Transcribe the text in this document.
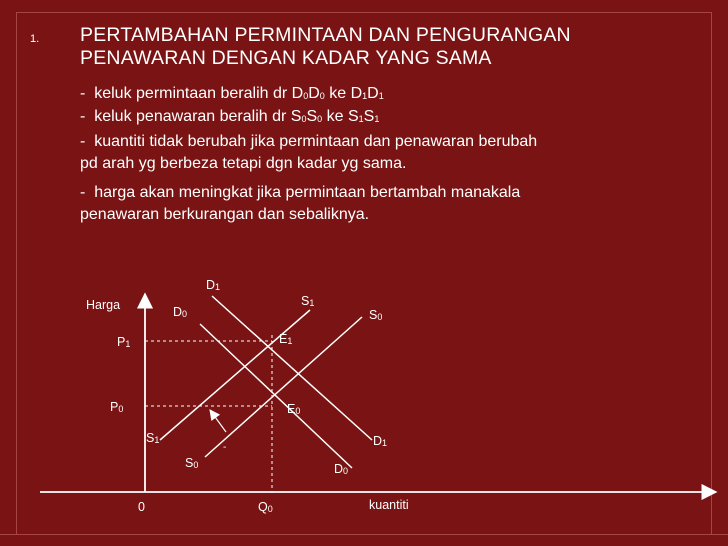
1. PERTAMBAHAN PERMINTAAN DAN PENGURANGAN
PENAWARAN DENGAN KADAR YANG SAMA
- keluk permintaan beralih dr $D_0D_0$ ke $D_1D_1$
- keluk penawaran beralih dr $S_0S_0$ ke $S_1S_1$
- kuantiti tidak berubah jika permintaan dan penawaran berubah
pd arah yg berbeza tetapi dgn kadar yg sama.
- harga akan meningkat jika permintaan bertambah manakala
penawaran berkurangan dan sebaliknya.
Harga
kuantiti
0
$P_1$
$P_0$
$Q_0$
$E_1$
$E_0$
$D_1$
$D_0$
$S_1$
$S_0$
$S_1$
$S_0$
$D_1$
$D_0$
-
